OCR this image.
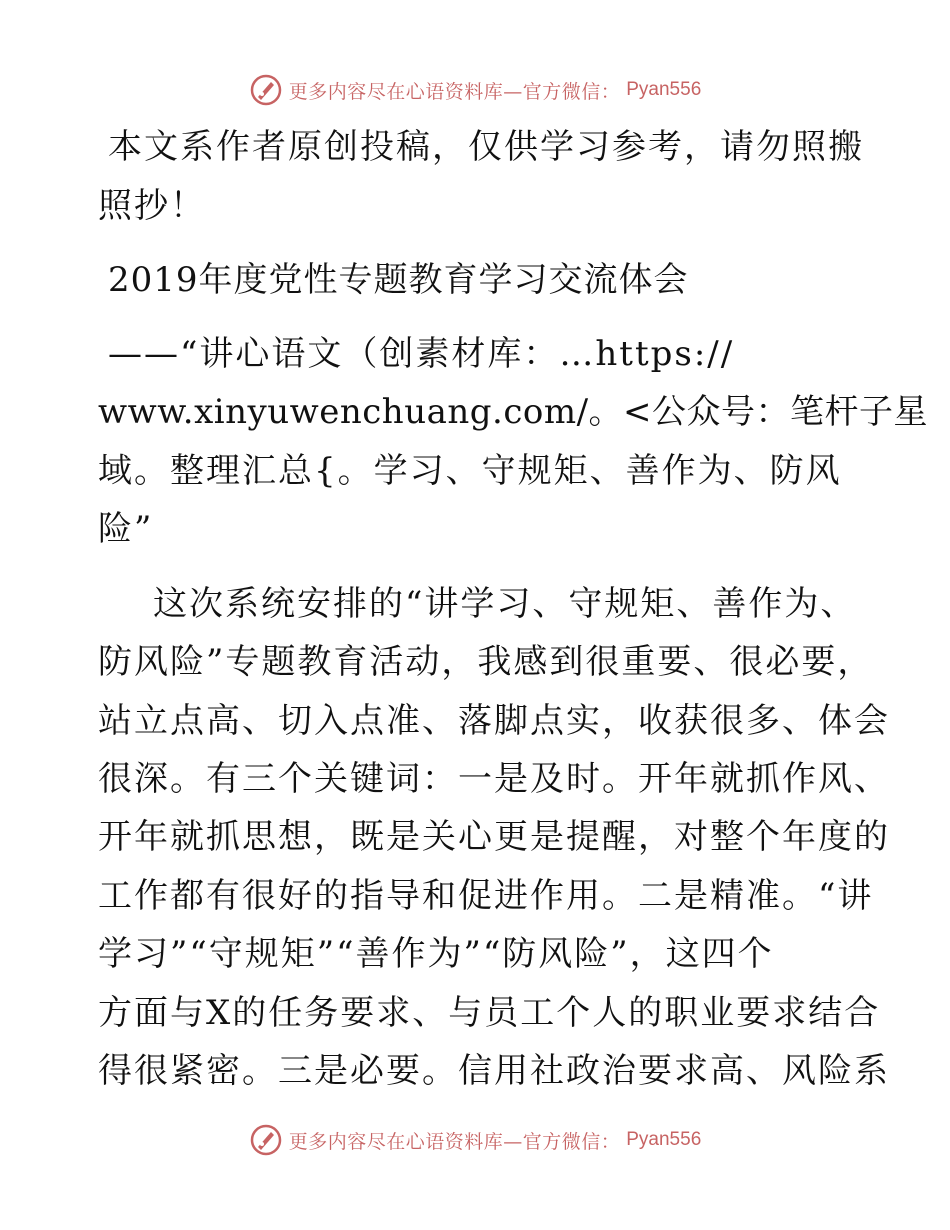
更多内容尽在心语资料库—官方微信： Pyan556
本文系作者原创投稿，仅供学习参考，请勿照搬
照抄！
2019年度党性专题教育学习交流体会
——“讲心语文（创素材库：…https://
www.xinyuwenchuang.com/。<公众号：笔杆子星
域。整理汇总{。学习、守规矩、善作为、防风
险”
这次系统安排的“讲学习、守规矩、善作为、
防风险”专题教育活动，我感到很重要、很必要，
站立点高、切入点准、落脚点实，收获很多、体会
很深。有三个关键词：一是及时。开年就抓作风、
开年就抓思想，既是关心更是提醒，对整个年度的
工作都有很好的指导和促进作用。二是精准。“讲
学习”“守规矩”“善作为”“防风险”，这四个
方面与X的任务要求、与员工个人的职业要求结合
得很紧密。三是必要。信用社政治要求高、风险系
更多内容尽在心语资料库—官方微信： Pyan556
